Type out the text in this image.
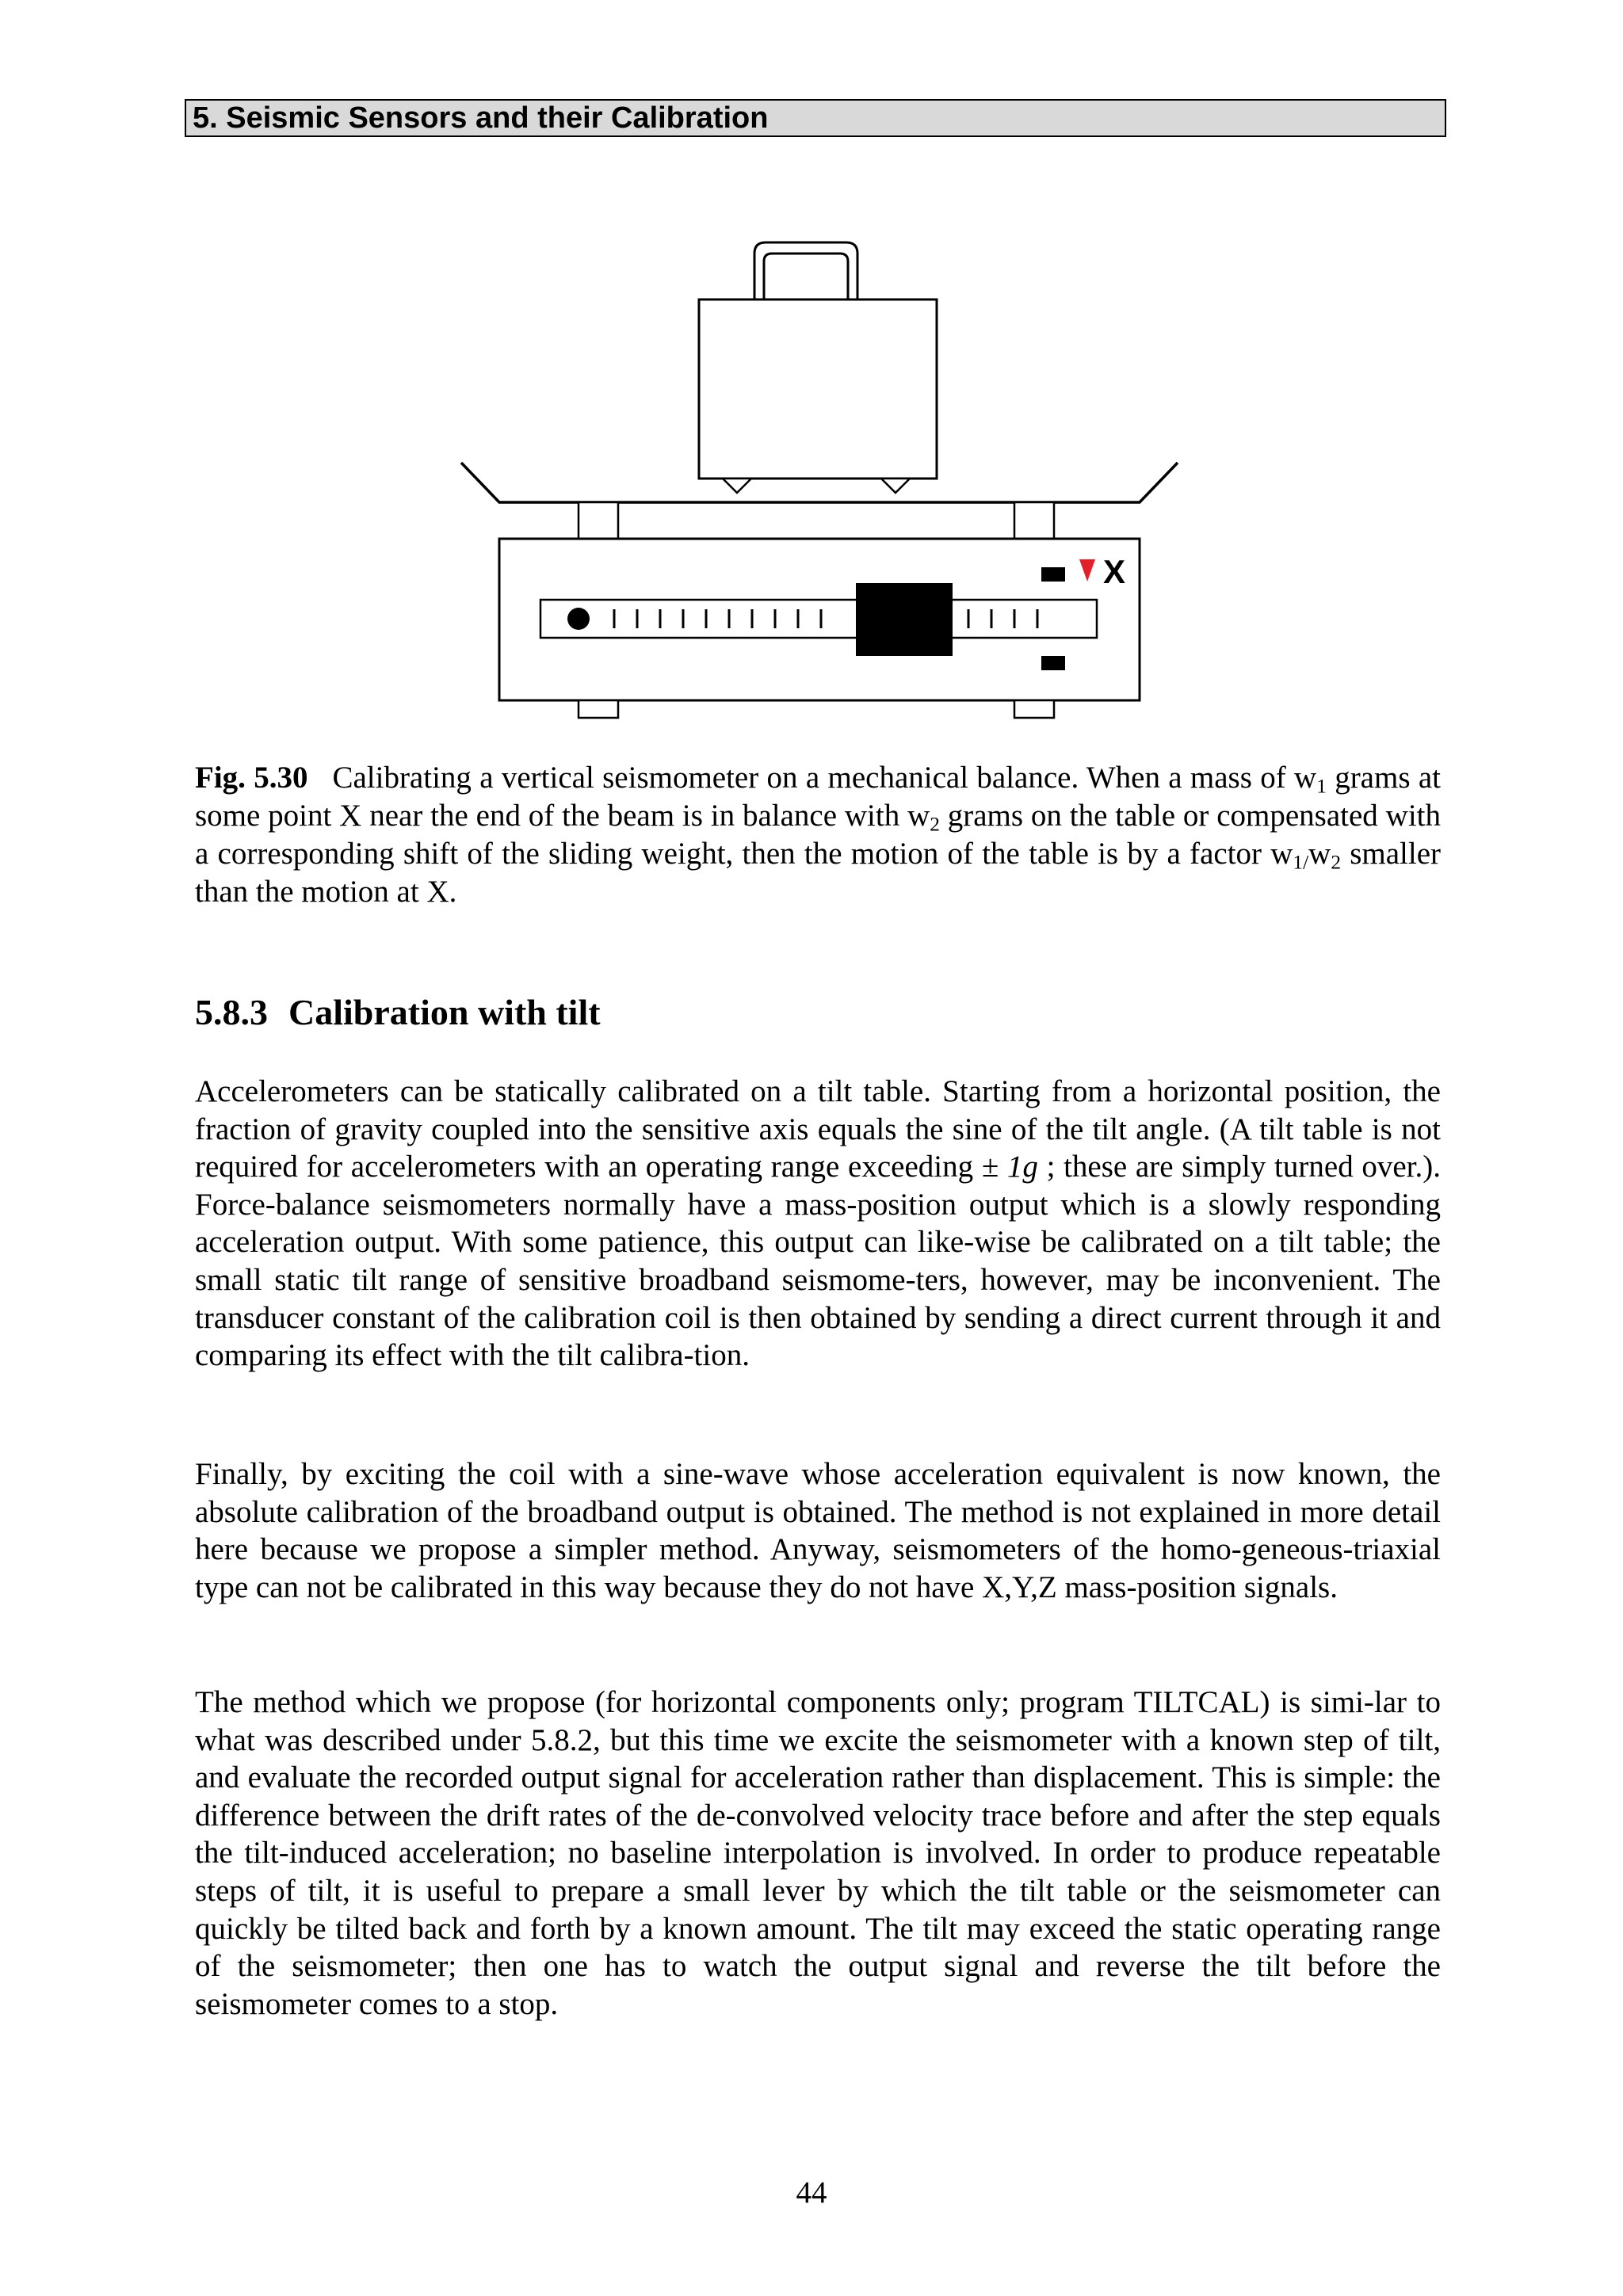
5. Seismic Sensors and their Calibration
X
Fig. 5.30 Calibrating a vertical seismometer on a mechanical balance. When a mass of $w_1$ grams at some point X near the end of the beam is in balance with $w_2$ grams on the table or compensated with a corresponding shift of the sliding weight, then the motion of the table is by a factor $w_{1/}w_2$ smaller than the motion at X.
5.8.3 Calibration with tilt

Accelerometers can be statically calibrated on a tilt table. Starting from a horizontal position, the fraction of gravity coupled into the sensitive axis equals the sine of the tilt angle. (A tilt table is not required for accelerometers with an operating range exceeding ± 1g ; these are simply turned over.). Force-balance seismometers normally have a mass-position output which is a slowly responding acceleration output. With some patience, this output can like-wise be calibrated on a tilt table; the small static tilt range of sensitive broadband seismome-ters, however, may be inconvenient. The transducer constant of the calibration coil is then obtained by sending a direct current through it and comparing its effect with the tilt calibra-tion.

Finally, by exciting the coil with a sine-wave whose acceleration equivalent is now known, the absolute calibration of the broadband output is obtained. The method is not explained in more detail here because we propose a simpler method. Anyway, seismometers of the homo-geneous-triaxial type can not be calibrated in this way because they do not have X,Y,Z mass-position signals.

The method which we propose (for horizontal components only; program TILTCAL) is simi-lar to what was described under 5.8.2, but this time we excite the seismometer with a known step of tilt, and evaluate the recorded output signal for acceleration rather than displacement. This is simple: the difference between the drift rates of the de-convolved velocity trace before and after the step equals the tilt-induced acceleration; no baseline interpolation is involved. In order to produce repeatable steps of tilt, it is useful to prepare a small lever by which the tilt table or the seismometer can quickly be tilted back and forth by a known amount. The tilt may exceed the static operating range of the seismometer; then one has to watch the output signal and reverse the tilt before the seismometer comes to a stop.

44
